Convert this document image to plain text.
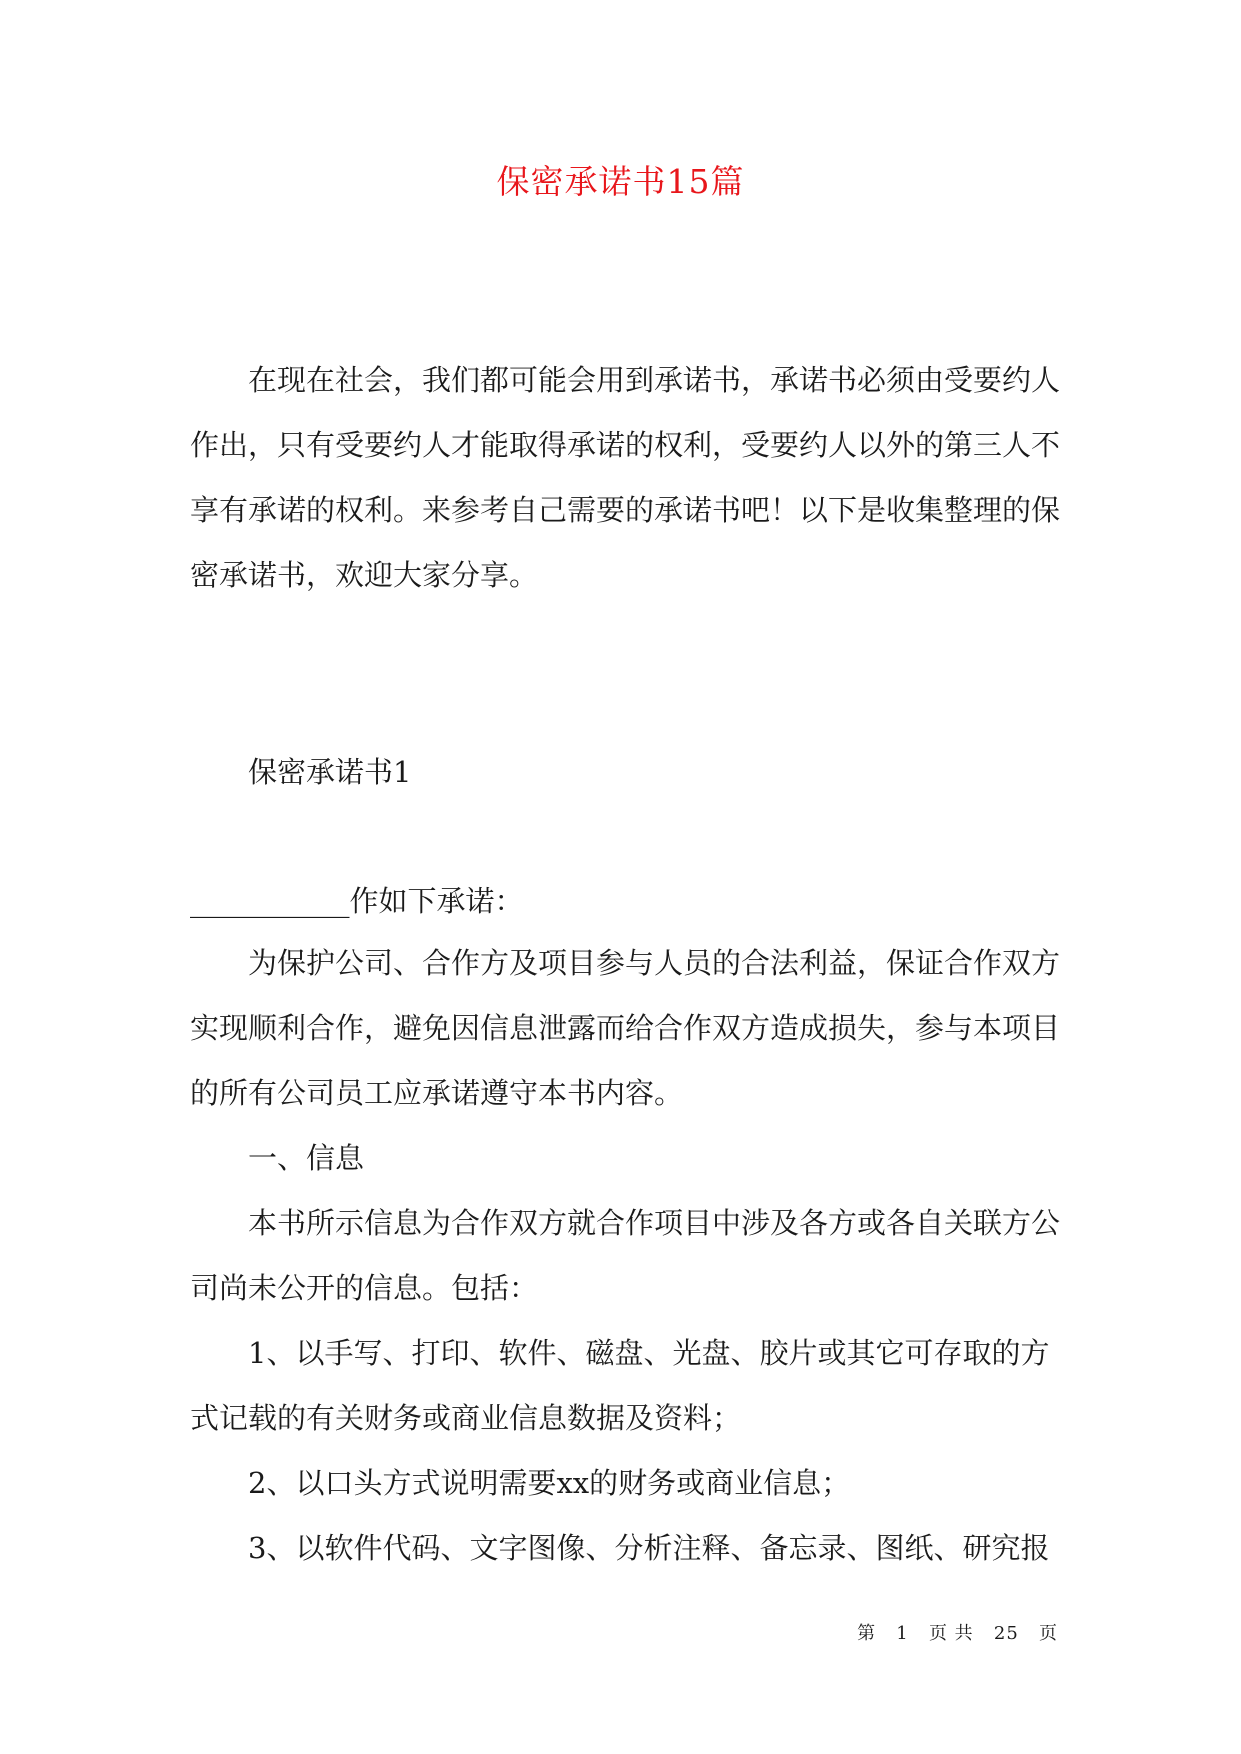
保密承诺书15篇
在现在社会，我们都可能会用到承诺书，承诺书必须由受要约人作出，只有受要约人才能取得承诺的权利，受要约人以外的第三人不享有承诺的权利。来参考自己需要的承诺书吧！以下是收集整理的保密承诺书，欢迎大家分享。
保密承诺书1
___________作如下承诺：
为保护公司、合作方及项目参与人员的合法利益，保证合作双方实现顺利合作，避免因信息泄露而给合作双方造成损失，参与本项目的所有公司员工应承诺遵守本书内容。
一、信息
本书所示信息为合作双方就合作项目中涉及各方或各自关联方公司尚未公开的信息。包括：
1、以手写、打印、软件、磁盘、光盘、胶片或其它可存取的方式记载的有关财务或商业信息数据及资料；
2、以口头方式说明需要xx的财务或商业信息；
3、以软件代码、文字图像、分析注释、备忘录、图纸、研究报
第 1 页 共 25 页
